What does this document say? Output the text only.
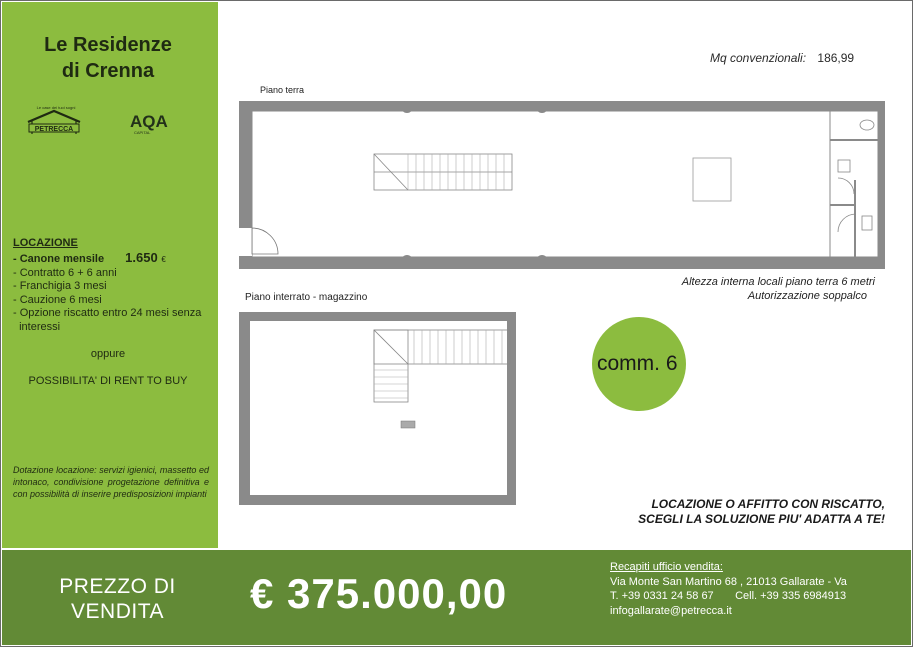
Le Residenze
di Crenna
Le case dei tuoi sogni
PETRECCA	AQA
CAPITAL
LOCAZIONE
- Canone mensile 1.650 €
- Contratto 6 + 6 anni
- Franchigia 3 mesi
- Cauzione 6 mesi
- Opzione riscatto entro 24 mesi senza
interessi
oppure
POSSIBILITA' DI RENT TO BUY
Dotazione locazione: servizi igienici, massetto ed intonaco, condivisione progetazione definitiva e con possibilità di inserire predisposizioni impianti
Mq convenzionali: 186,99
Piano terra
Piano interrato - magazzino
Altezza interna locali piano terra 6 metri
Autorizzazione soppalco
comm. 6
LOCAZIONE O AFFITTO CON RISCATTO,
SCEGLI LA SOLUZIONE PIU' ADATTA A TE!
PREZZO DI
VENDITA	€ 375.000,00
Recapiti ufficio vendita:
Via Monte San Martino 68 , 21013 Gallarate - Va
T. +39 0331 24 58 67       Cell. +39 335 6984913
infogallarate@petrecca.it
